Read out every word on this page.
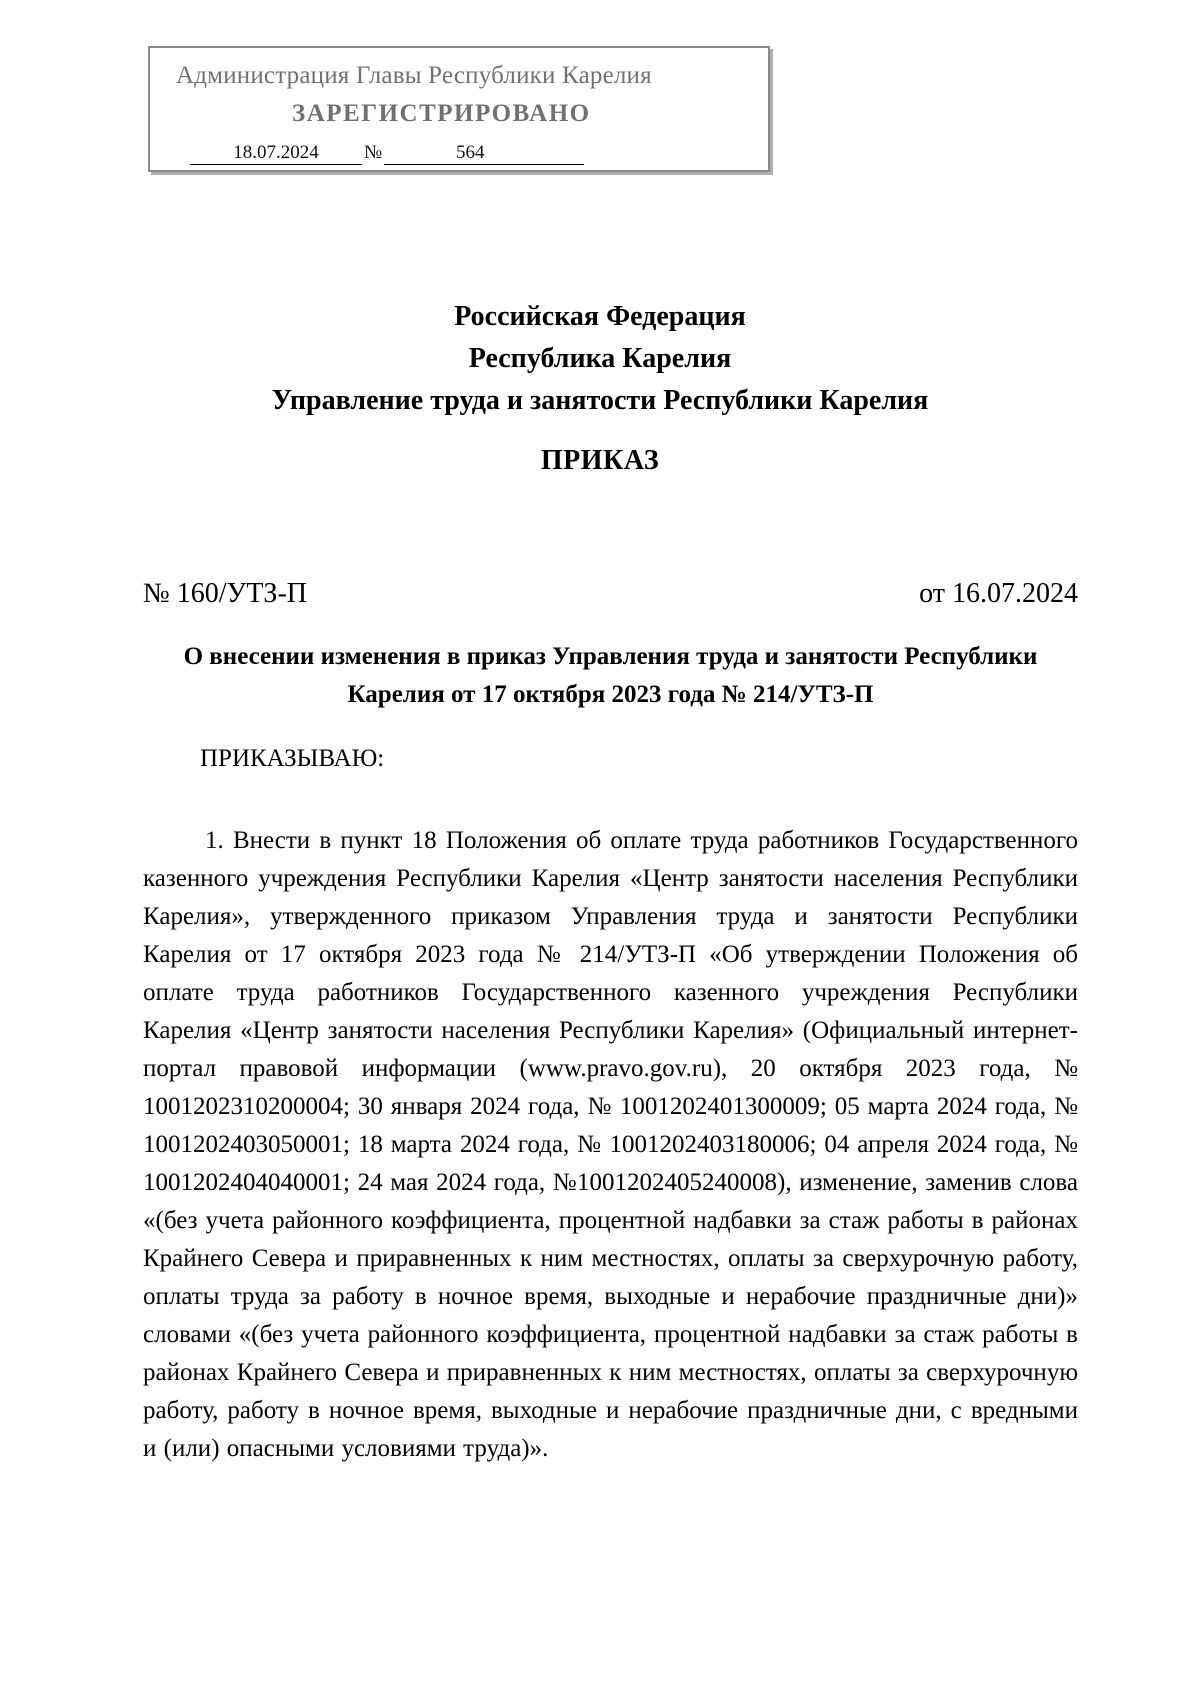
Администрация Главы Республики Карелия
ЗАРЕГИСТРИРОВАНО
18.07.2024	№	564
Российская Федерация
Республика Карелия
Управление труда и занятости Республики Карелия
ПРИКАЗ
№ 160/УТЗ-П	от 16.07.2024
О внесении изменения в приказ Управления труда и занятости Республики Карелия от 17 октября 2023 года № 214/УТЗ-П
ПРИКАЗЫВАЮ:
1. Внести в пункт 18 Положения об оплате труда работников Государственного казенного учреждения Республики Карелия «Центр занятости населения Республики Карелия», утвержденного приказом Управления труда и занятости Республики Карелия от 17 октября 2023 года № 214/УТЗ-П «Об утверждении Положения об оплате труда работников Государственного казенного учреждения Республики Карелия «Центр занятости населения Республики Карелия» (Официальный интернет-портал правовой информации (www.pravo.gov.ru), 20 октября 2023 года, № 1001202310200004; 30 января 2024 года, № 1001202401300009; 05 марта 2024 года, № 1001202403050001; 18 марта 2024 года, № 1001202403180006; 04 апреля 2024 года, № 1001202404040001; 24 мая 2024 года, №1001202405240008), изменение, заменив слова «(без учета районного коэффициента, процентной надбавки за стаж работы в районах Крайнего Севера и приравненных к ним местностях, оплаты за сверхурочную работу, оплаты труда за работу в ночное время, выходные и нерабочие праздничные дни)» словами «(без учета районного коэффициента, процентной надбавки за стаж работы в районах Крайнего Севера и приравненных к ним местностях, оплаты за сверхурочную работу, работу в ночное время, выходные и нерабочие праздничные дни, с вредными и (или) опасными условиями труда)».
